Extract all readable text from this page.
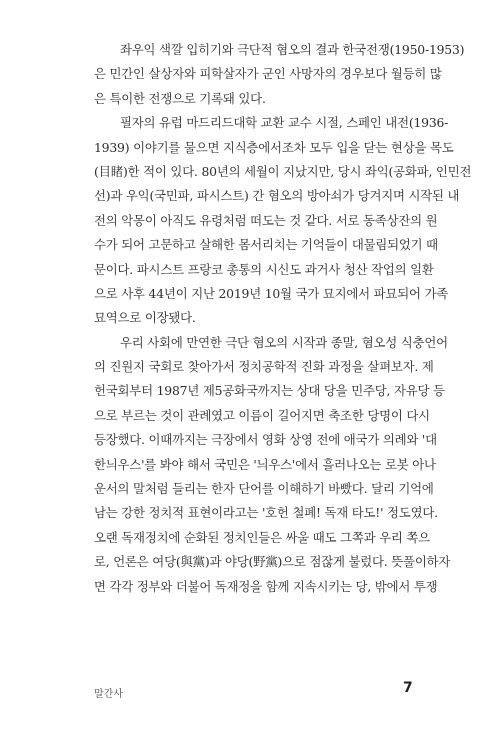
좌우익 색깔 입히기와 극단적 혐오의 결과 한국전쟁(1950-1953)
은 민간인 살상자와 피학살자가 군인 사망자의 경우보다 월등히 많
은 특이한 전쟁으로 기록돼 있다.
필자의 유럽 마드리드대학 교환 교수 시절, 스페인 내전(1936-
1939) 이야기를 물으면 지식층에서조차 모두 입을 닫는 현상을 목도
(目睹)한 적이 있다. 80년의 세월이 지났지만, 당시 좌익(공화파, 인민전
선)과 우익(국민파, 파시스트) 간 혐오의 방아쇠가 당겨지며 시작된 내
전의 악몽이 아직도 유령처럼 떠도는 것 같다. 서로 동족상잔의 원
수가 되어 고문하고 살해한 몸서리치는 기억들이 대물림되었기 때
문이다. 파시스트 프랑코 총통의 시신도 과거사 청산 작업의 일환
으로 사후 44년이 지난 2019년 10월 국가 묘지에서 파묘되어 가족
묘역으로 이장됐다.
우리 사회에 만연한 극단 혐오의 시작과 종말, 혐오성 식충언어
의 진원지 국회로 찾아가서 정치공학적 진화 과정을 살펴보자. 제
헌국회부터 1987년 제5공화국까지는 상대 당을 민주당, 자유당 등
으로 부르는 것이 관례였고 이름이 길어지면 축조한 당명이 다시
등장했다. 이때까지는 극장에서 영화 상영 전에 애국가 의례와 '대
한늬우스'를 봐야 해서 국민은 '늬우스'에서 흘러나오는 로봇 아나
운서의 말처럼 들리는 한자 단어를 이해하기 바빴다. 달리 기억에
남는 강한 정치적 표현이라고는 '호헌 철폐! 독재 타도!' 정도였다.
오랜 독재정치에 순화된 정치인들은 싸울 때도 그쪽과 우리 쪽으
로, 언론은 여당(與黨)과 야당(野黨)으로 점잖게 불렀다. 뜻풀이하자
면 각각 정부와 더불어 독재정을 함께 지속시키는 당, 밖에서 투쟁
말간사	7
